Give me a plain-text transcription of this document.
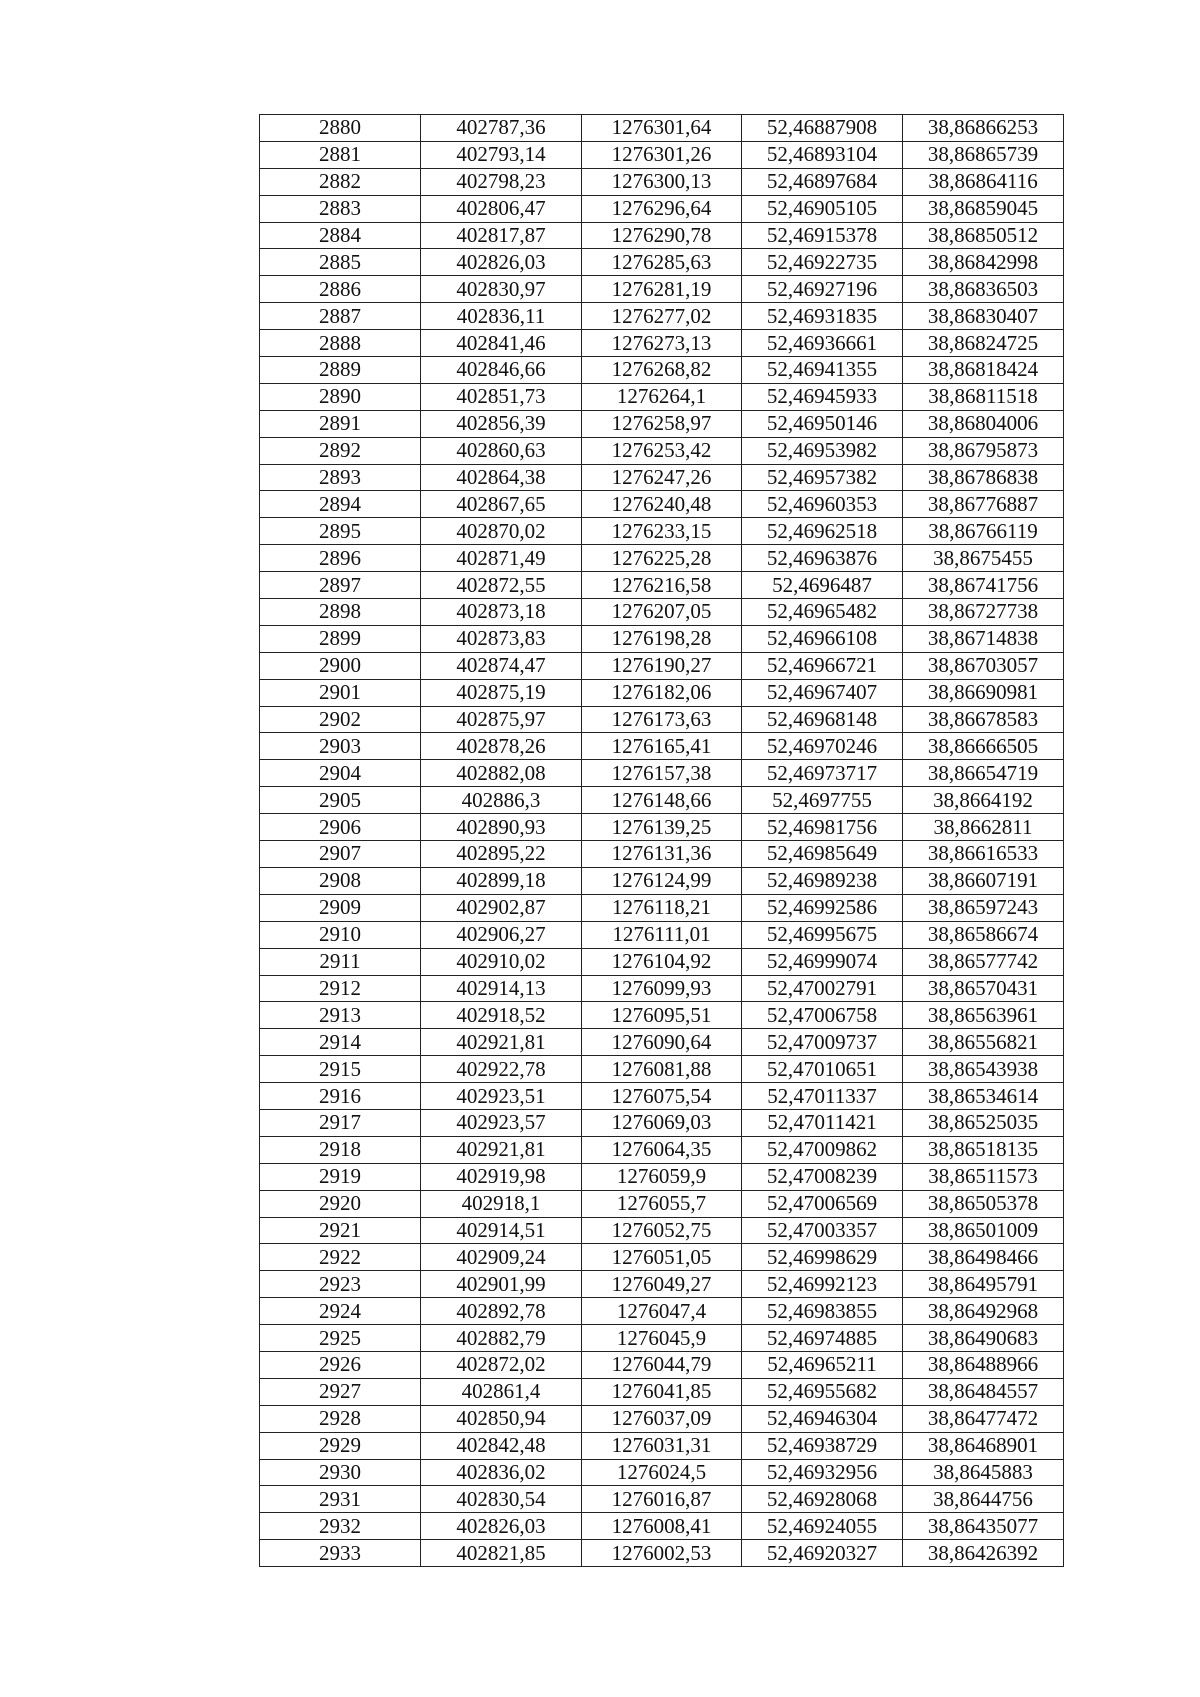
2880	402787,36	1276301,64	52,46887908	38,86866253
2881	402793,14	1276301,26	52,46893104	38,86865739
2882	402798,23	1276300,13	52,46897684	38,86864116
2883	402806,47	1276296,64	52,46905105	38,86859045
2884	402817,87	1276290,78	52,46915378	38,86850512
2885	402826,03	1276285,63	52,46922735	38,86842998
2886	402830,97	1276281,19	52,46927196	38,86836503
2887	402836,11	1276277,02	52,46931835	38,86830407
2888	402841,46	1276273,13	52,46936661	38,86824725
2889	402846,66	1276268,82	52,46941355	38,86818424
2890	402851,73	1276264,1	52,46945933	38,86811518
2891	402856,39	1276258,97	52,46950146	38,86804006
2892	402860,63	1276253,42	52,46953982	38,86795873
2893	402864,38	1276247,26	52,46957382	38,86786838
2894	402867,65	1276240,48	52,46960353	38,86776887
2895	402870,02	1276233,15	52,46962518	38,86766119
2896	402871,49	1276225,28	52,46963876	38,8675455
2897	402872,55	1276216,58	52,4696487	38,86741756
2898	402873,18	1276207,05	52,46965482	38,86727738
2899	402873,83	1276198,28	52,46966108	38,86714838
2900	402874,47	1276190,27	52,46966721	38,86703057
2901	402875,19	1276182,06	52,46967407	38,86690981
2902	402875,97	1276173,63	52,46968148	38,86678583
2903	402878,26	1276165,41	52,46970246	38,86666505
2904	402882,08	1276157,38	52,46973717	38,86654719
2905	402886,3	1276148,66	52,4697755	38,8664192
2906	402890,93	1276139,25	52,46981756	38,8662811
2907	402895,22	1276131,36	52,46985649	38,86616533
2908	402899,18	1276124,99	52,46989238	38,86607191
2909	402902,87	1276118,21	52,46992586	38,86597243
2910	402906,27	1276111,01	52,46995675	38,86586674
2911	402910,02	1276104,92	52,46999074	38,86577742
2912	402914,13	1276099,93	52,47002791	38,86570431
2913	402918,52	1276095,51	52,47006758	38,86563961
2914	402921,81	1276090,64	52,47009737	38,86556821
2915	402922,78	1276081,88	52,47010651	38,86543938
2916	402923,51	1276075,54	52,47011337	38,86534614
2917	402923,57	1276069,03	52,47011421	38,86525035
2918	402921,81	1276064,35	52,47009862	38,86518135
2919	402919,98	1276059,9	52,47008239	38,86511573
2920	402918,1	1276055,7	52,47006569	38,86505378
2921	402914,51	1276052,75	52,47003357	38,86501009
2922	402909,24	1276051,05	52,46998629	38,86498466
2923	402901,99	1276049,27	52,46992123	38,86495791
2924	402892,78	1276047,4	52,46983855	38,86492968
2925	402882,79	1276045,9	52,46974885	38,86490683
2926	402872,02	1276044,79	52,46965211	38,86488966
2927	402861,4	1276041,85	52,46955682	38,86484557
2928	402850,94	1276037,09	52,46946304	38,86477472
2929	402842,48	1276031,31	52,46938729	38,86468901
2930	402836,02	1276024,5	52,46932956	38,8645883
2931	402830,54	1276016,87	52,46928068	38,8644756
2932	402826,03	1276008,41	52,46924055	38,86435077
2933	402821,85	1276002,53	52,46920327	38,86426392
